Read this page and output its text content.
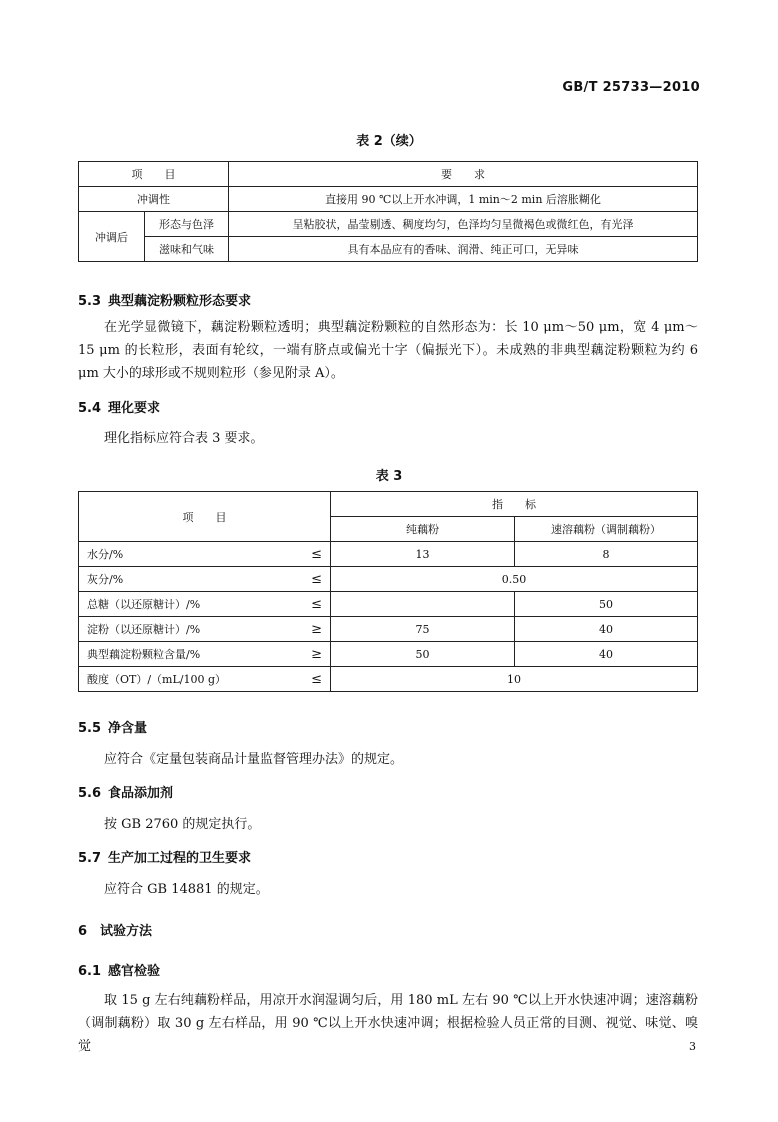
GB/T 25733—2010
表 2（续）
项　　目		要　　求
冲调性		直接用 90 ℃以上开水冲调，1 min～2 min 后溶胀糊化
冲调后	形态与色泽	呈粘胶状，晶莹剔透、稠度均匀，色泽均匀呈微褐色或微红色，有光泽
	滋味和气味	具有本品应有的香味、润滑、纯正可口，无异味
5.3 典型藕淀粉颗粒形态要求
在光学显微镜下，藕淀粉颗粒透明；典型藕淀粉颗粒的自然形态为：长 10 μm～50 μm，宽 4 μm～15 μm 的长粒形，表面有轮纹，一端有脐点或偏光十字（偏振光下）。未成熟的非典型藕淀粉颗粒为约 6 μm 大小的球形或不规则粒形（参见附录 A）。
5.4 理化要求
理化指标应符合表 3 要求。
表 3
项　　目		指　　标	
		纯藕粉	速溶藕粉（调制藕粉）
水分/%	≤	13	8
灰分/%	≤	0.50	
总糖（以还原糖计）/%	≤		50
淀粉（以还原糖计）/%	≥	75	40
典型藕淀粉颗粒含量/%	≥	50	40
酸度（OT）/（mL/100 g）	≤	10	
5.5 净含量
应符合《定量包装商品计量监督管理办法》的规定。
5.6 食品添加剂
按 GB 2760 的规定执行。
5.7 生产加工过程的卫生要求
应符合 GB 14881 的规定。
6 试验方法
6.1 感官检验
取 15 g 左右纯藕粉样品，用凉开水润湿调匀后，用 180 mL 左右 90 ℃以上开水快速冲调；速溶藕粉（调制藕粉）取 30 g 左右样品，用 90 ℃以上开水快速冲调；根据检验人员正常的目测、视觉、味觉、嗅觉	3
